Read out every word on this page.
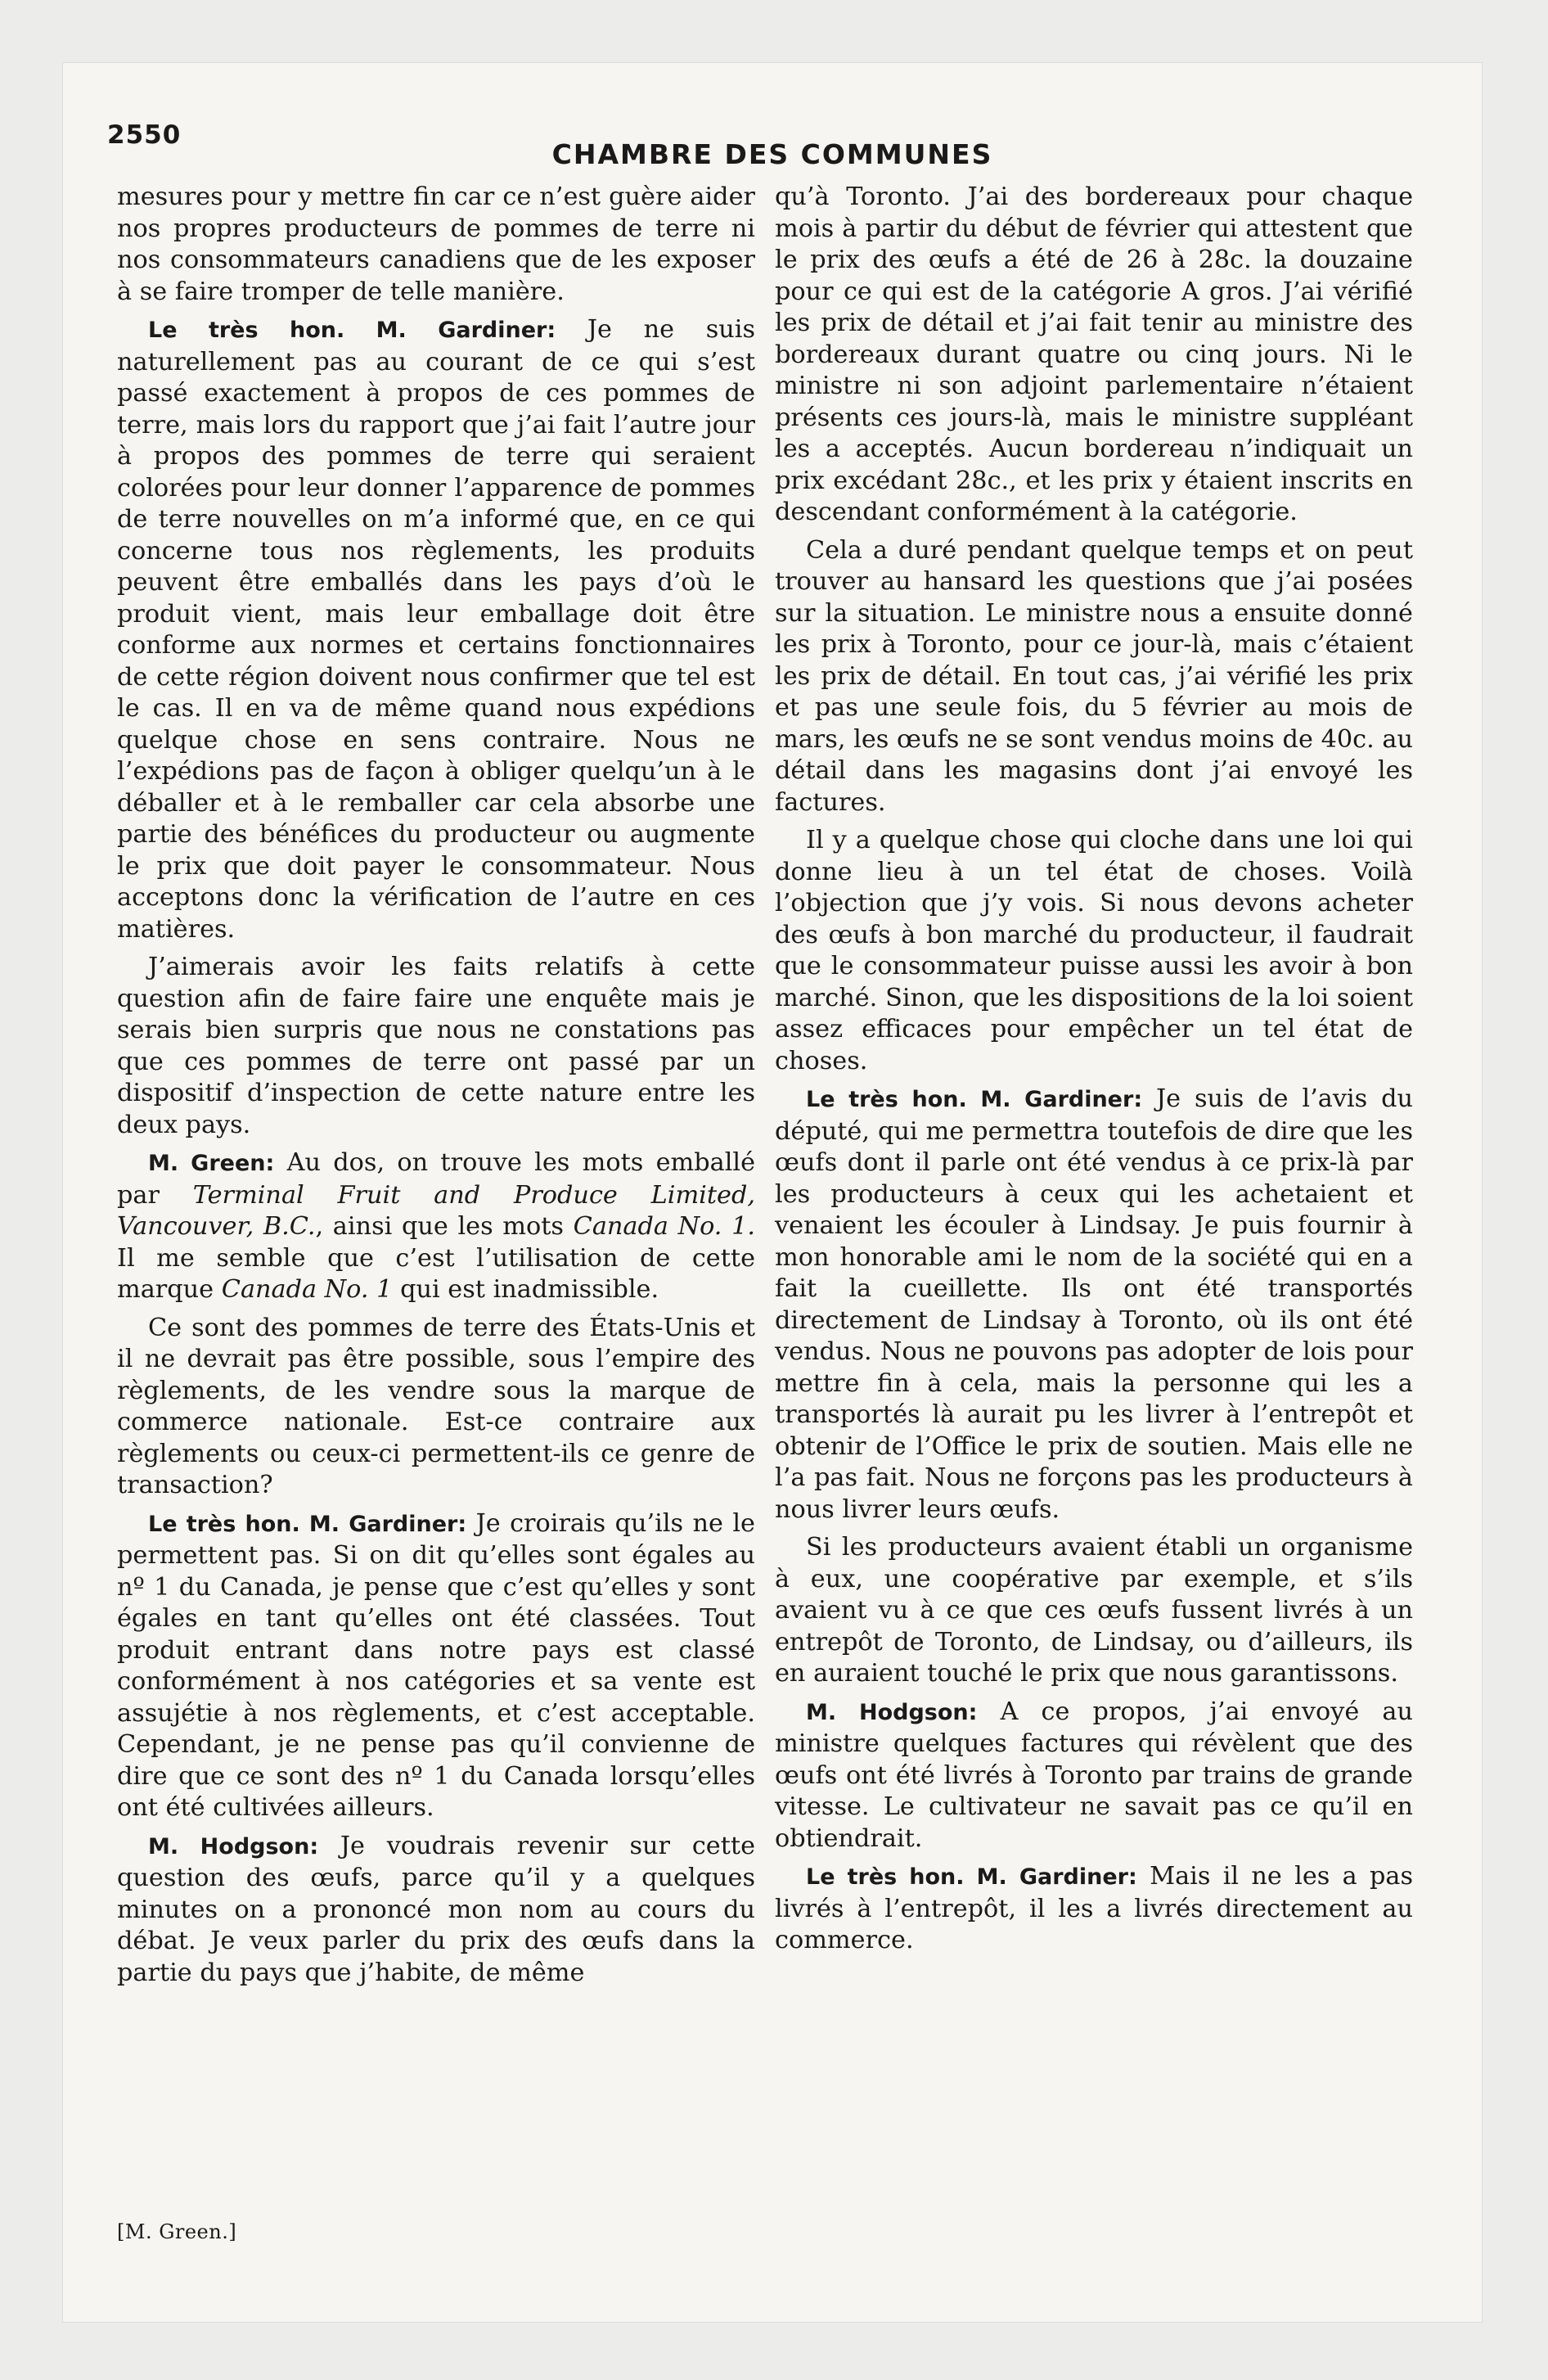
2550
CHAMBRE DES COMMUNES

mesures pour y mettre fin car ce n’est guère aider nos propres producteurs de pommes de terre ni nos consommateurs canadiens que de les exposer à se faire tromper de telle manière.

Le très hon. M. Gardiner: Je ne suis naturellement pas au courant de ce qui s’est passé exactement à propos de ces pommes de terre, mais lors du rapport que j’ai fait l’autre jour à propos des pommes de terre qui seraient colorées pour leur donner l’apparence de pommes de terre nouvelles on m’a informé que, en ce qui concerne tous nos règlements, les produits peuvent être emballés dans les pays d’où le produit vient, mais leur emballage doit être conforme aux normes et certains fonctionnaires de cette région doivent nous confirmer que tel est le cas. Il en va de même quand nous expédions quelque chose en sens contraire. Nous ne l’expédions pas de façon à obliger quelqu’un à le déballer et à le remballer car cela absorbe une partie des bénéfices du producteur ou augmente le prix que doit payer le consommateur. Nous acceptons donc la vérification de l’autre en ces matières.

J’aimerais avoir les faits relatifs à cette question afin de faire faire une enquête mais je serais bien surpris que nous ne constations pas que ces pommes de terre ont passé par un dispositif d’inspection de cette nature entre les deux pays.

M. Green: Au dos, on trouve les mots emballé par Terminal Fruit and Produce Limited, Vancouver, B.C., ainsi que les mots Canada No. 1. Il me semble que c’est l’utilisation de cette marque Canada No. 1 qui est inadmissible.

Ce sont des pommes de terre des États-Unis et il ne devrait pas être possible, sous l’empire des règlements, de les vendre sous la marque de commerce nationale. Est-ce contraire aux règlements ou ceux-ci permettent-ils ce genre de transaction?

Le très hon. M. Gardiner: Je croirais qu’ils ne le permettent pas. Si on dit qu’elles sont égales au nº 1 du Canada, je pense que c’est qu’elles y sont égales en tant qu’elles ont été classées. Tout produit entrant dans notre pays est classé conformément à nos catégories et sa vente est assujétie à nos règlements, et c’est acceptable. Cependant, je ne pense pas qu’il convienne de dire que ce sont des nº 1 du Canada lorsqu’elles ont été cultivées ailleurs.

M. Hodgson: Je voudrais revenir sur cette question des œufs, parce qu’il y a quelques minutes on a prononcé mon nom au cours du débat. Je veux parler du prix des œufs dans la partie du pays que j’habite, de même

qu’à Toronto. J’ai des bordereaux pour chaque mois à partir du début de février qui attestent que le prix des œufs a été de 26 à 28c. la douzaine pour ce qui est de la catégorie A gros. J’ai vérifié les prix de détail et j’ai fait tenir au ministre des bordereaux durant quatre ou cinq jours. Ni le ministre ni son adjoint parlementaire n’étaient présents ces jours-là, mais le ministre suppléant les a acceptés. Aucun bordereau n’indiquait un prix excédant 28c., et les prix y étaient inscrits en descendant conformément à la catégorie.

Cela a duré pendant quelque temps et on peut trouver au hansard les questions que j’ai posées sur la situation. Le ministre nous a ensuite donné les prix à Toronto, pour ce jour-là, mais c’étaient les prix de détail. En tout cas, j’ai vérifié les prix et pas une seule fois, du 5 février au mois de mars, les œufs ne se sont vendus moins de 40c. au détail dans les magasins dont j’ai envoyé les factures.

Il y a quelque chose qui cloche dans une loi qui donne lieu à un tel état de choses. Voilà l’objection que j’y vois. Si nous devons acheter des œufs à bon marché du producteur, il faudrait que le consommateur puisse aussi les avoir à bon marché. Sinon, que les dispositions de la loi soient assez efficaces pour empêcher un tel état de choses.

Le très hon. M. Gardiner: Je suis de l’avis du député, qui me permettra toutefois de dire que les œufs dont il parle ont été vendus à ce prix-là par les producteurs à ceux qui les achetaient et venaient les écouler à Lindsay. Je puis fournir à mon honorable ami le nom de la société qui en a fait la cueillette. Ils ont été transportés directement de Lindsay à Toronto, où ils ont été vendus. Nous ne pouvons pas adopter de lois pour mettre fin à cela, mais la personne qui les a transportés là aurait pu les livrer à l’entrepôt et obtenir de l’Office le prix de soutien. Mais elle ne l’a pas fait. Nous ne forçons pas les producteurs à nous livrer leurs œufs.

Si les producteurs avaient établi un organisme à eux, une coopérative par exemple, et s’ils avaient vu à ce que ces œufs fussent livrés à un entrepôt de Toronto, de Lindsay, ou d’ailleurs, ils en auraient touché le prix que nous garantissons.

M. Hodgson: A ce propos, j’ai envoyé au ministre quelques factures qui révèlent que des œufs ont été livrés à Toronto par trains de grande vitesse. Le cultivateur ne savait pas ce qu’il en obtiendrait.

Le très hon. M. Gardiner: Mais il ne les a pas livrés à l’entrepôt, il les a livrés directement au commerce.

[M. Green.]
